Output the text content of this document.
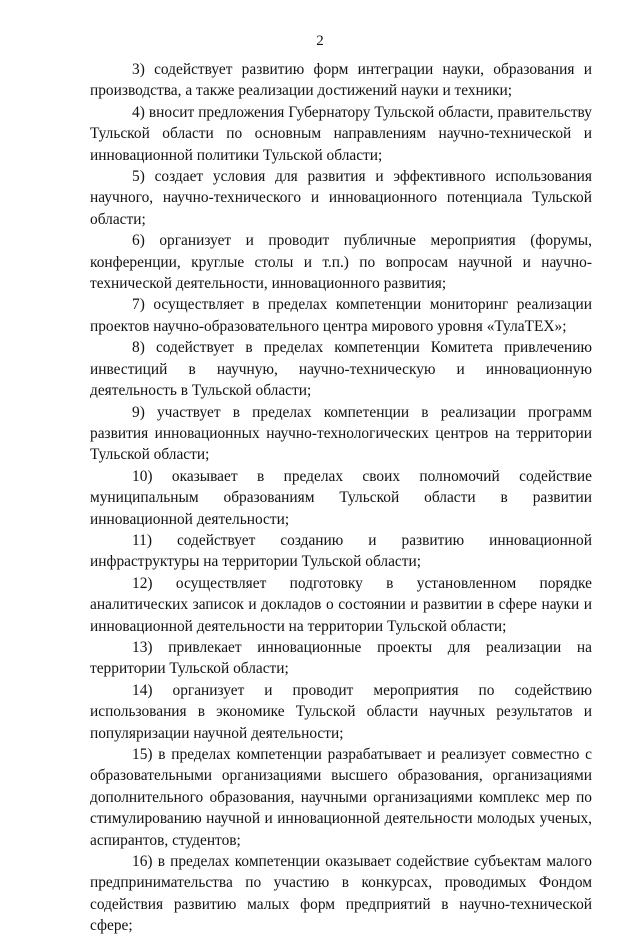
2

3) содействует развитию форм интеграции науки, образования и производства, а также реализации достижений науки и техники;

4) вносит предложения Губернатору Тульской области, правительству Тульской области по основным направлениям научно-технической и инновационной политики Тульской области;

5) создает условия для развития и эффективного использования научного, научно-технического и инновационного потенциала Тульской области;

6) организует и проводит публичные мероприятия (форумы, конференции, круглые столы и т.п.) по вопросам научной и научно-технической деятельности, инновационного развития;

7) осуществляет в пределах компетенции мониторинг реализации проектов научно-образовательного центра мирового уровня «ТулаТЕХ»;

8) содействует в пределах компетенции Комитета привлечению инвестиций в научную, научно-техническую и инновационную деятельность в Тульской области;

9) участвует в пределах компетенции в реализации программ развития инновационных научно-технологических центров на территории Тульской области;

10) оказывает в пределах своих полномочий содействие муниципальным образованиям Тульской области в развитии инновационной деятельности;

11) содействует созданию и развитию инновационной инфраструктуры на территории Тульской области;

12) осуществляет подготовку в установленном порядке аналитических записок и докладов о состоянии и развитии в сфере науки и инновационной деятельности на территории Тульской области;

13) привлекает инновационные проекты для реализации на территории Тульской области;

14) организует и проводит мероприятия по содействию использования в экономике Тульской области научных результатов и популяризации научной деятельности;

15) в пределах компетенции разрабатывает и реализует совместно с образовательными организациями высшего образования, организациями дополнительного образования, научными организациями комплекс мер по стимулированию научной и инновационной деятельности молодых ученых, аспирантов, студентов;

16) в пределах компетенции оказывает содействие субъектам малого предпринимательства по участию в конкурсах, проводимых Фондом содействия развитию малых форм предприятий в научно-технической сфере;
